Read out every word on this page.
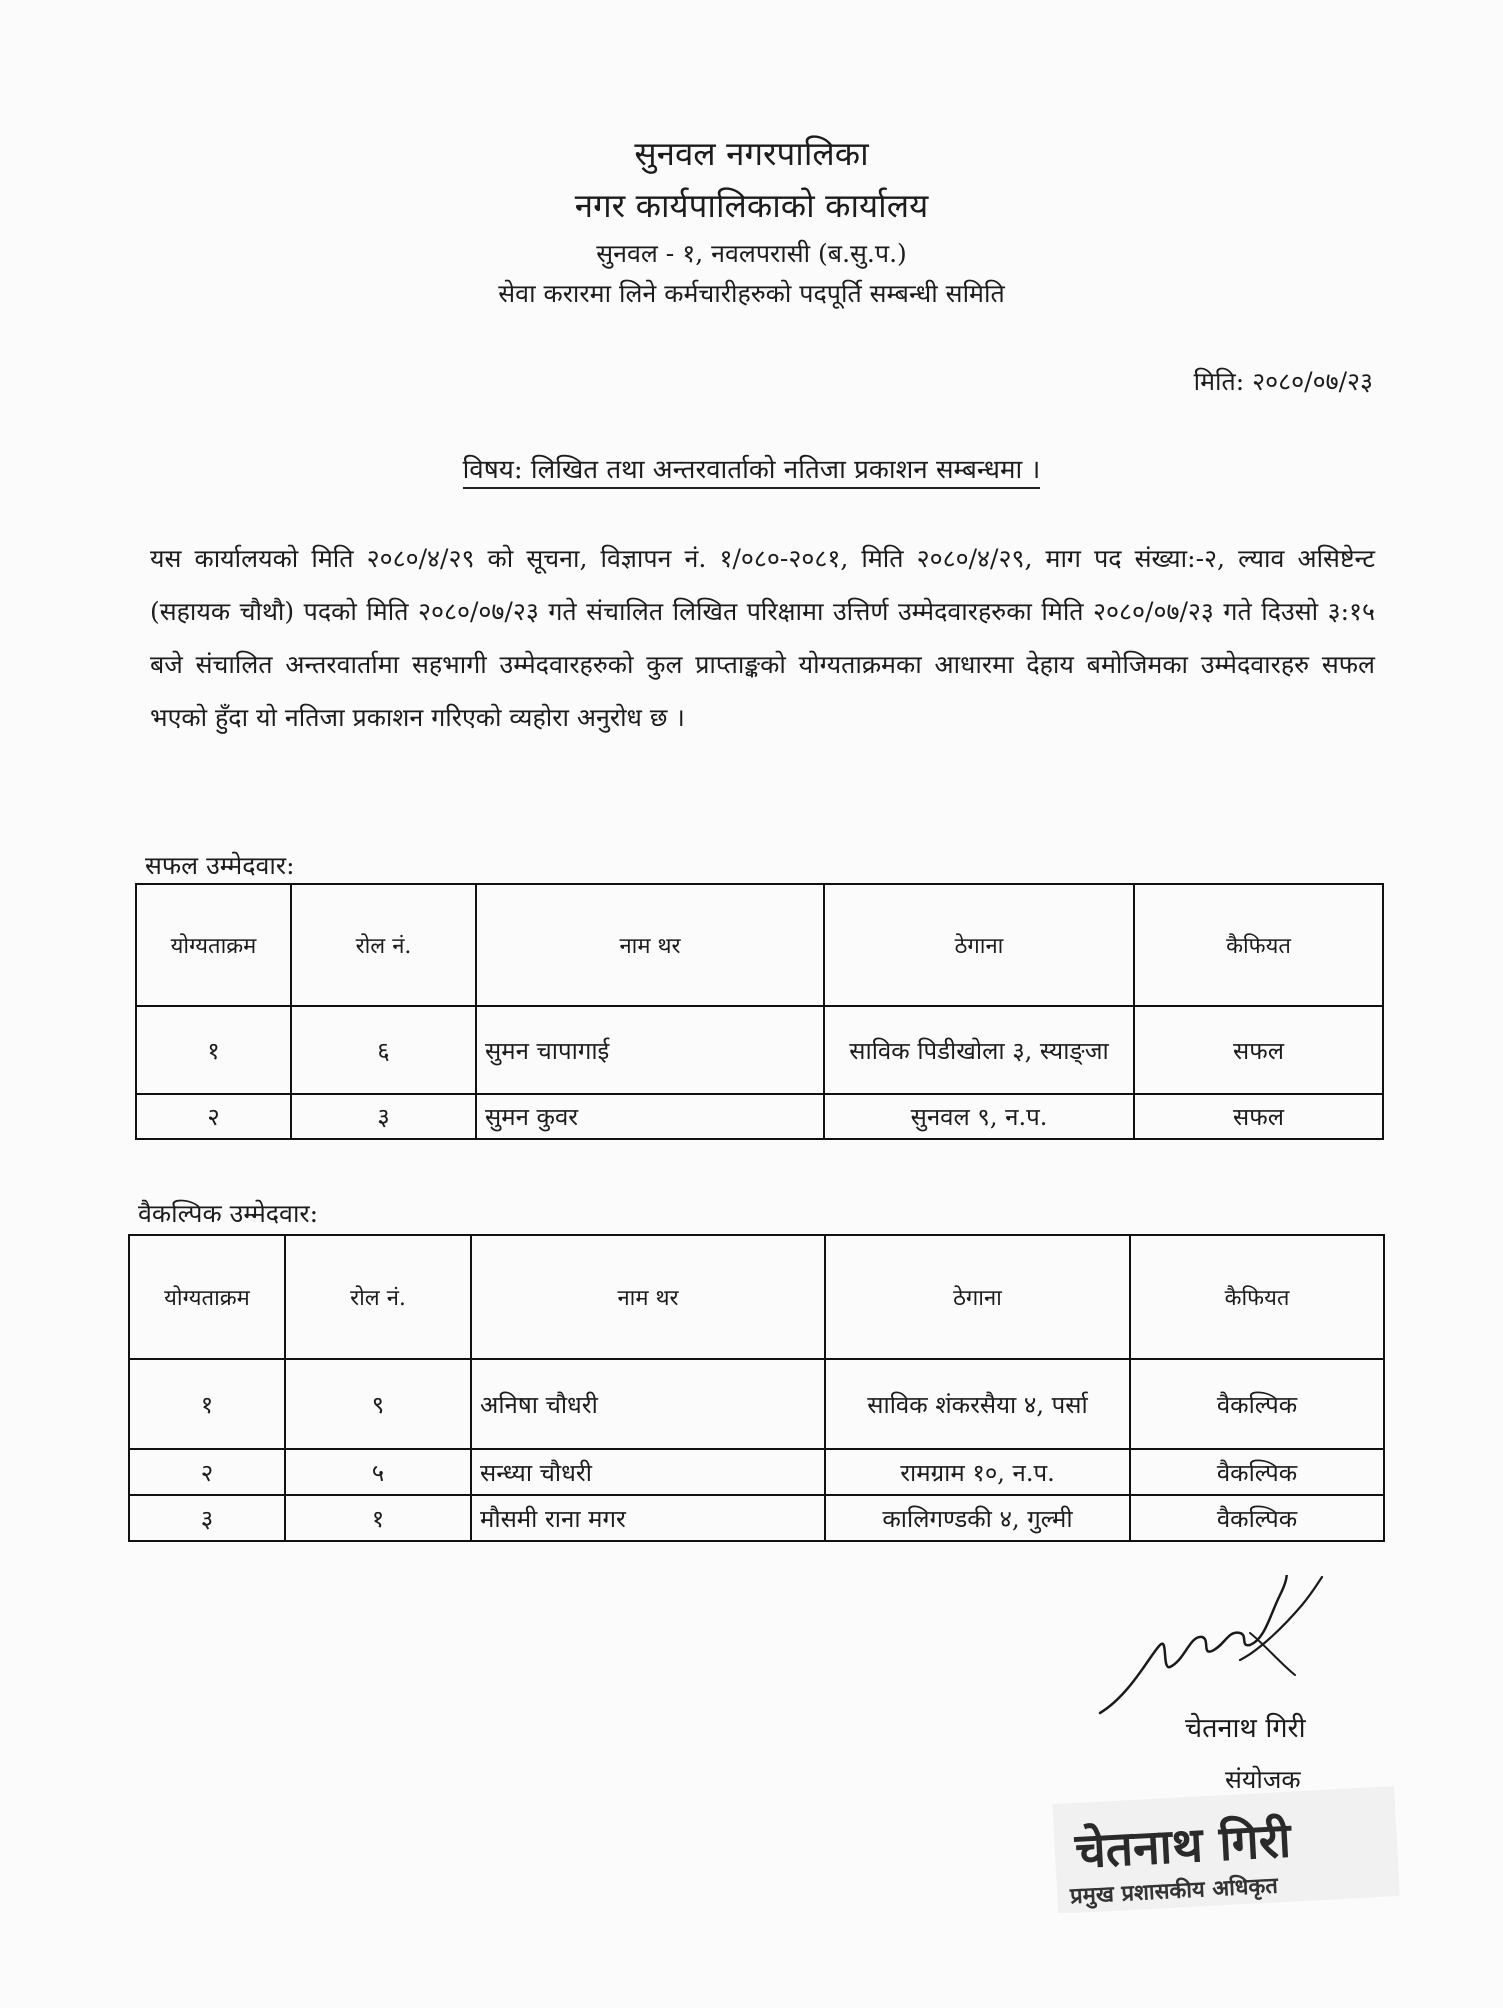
सुनवल नगरपालिका
नगर कार्यपालिकाको कार्यालय
सुनवल - १, नवलपरासी (ब.सु.प.)
सेवा करारमा लिने कर्मचारीहरुको पदपूर्ति सम्बन्धी समिति
मिति: २०८०/०७/२३
विषय: लिखित तथा अन्तरवार्ताको नतिजा प्रकाशन सम्बन्धमा ।
यस कार्यालयको मिति २०८०/४/२९ को सूचना, विज्ञापन नं. १/०८०-२०८१, मिति २०८०/४/२९, माग पद संख्या:-२, ल्याव असिष्टेन्ट (सहायक चौथौ) पदको मिति २०८०/०७/२३ गते संचालित लिखित परिक्षामा उत्तिर्ण उम्मेदवारहरुका मिति २०८०/०७/२३ गते दिउसो ३:१५ बजे संचालित अन्तरवार्तामा सहभागी उम्मेदवारहरुको कुल प्राप्ताङ्कको योग्यताक्रमका आधारमा देहाय बमोजिमका उम्मेदवारहरु सफल भएको हुँदा यो नतिजा प्रकाशन गरिएको व्यहोरा अनुरोध छ ।
सफल उम्मेदवार:
योग्यताक्रम	रोल नं.	नाम थर	ठेगाना	कैफियत
१	६	सुमन चापागाई	साविक पिडीखोला ३, स्याङ्जा	सफल
२	३	सुमन कुवर	सुनवल ९, न.प.	सफल
वैकल्पिक उम्मेदवार:
योग्यताक्रम	रोल नं.	नाम थर	ठेगाना	कैफियत
१	९	अनिषा चौधरी	साविक शंकरसैया ४, पर्सा	वैकल्पिक
२	५	सन्ध्या चौधरी	रामग्राम १०, न.प.	वैकल्पिक
३	१	मौसमी राना मगर	कालिगण्डकी ४, गुल्मी	वैकल्पिक
चेतनाथ गिरी
संयोजक
चेतनाथ गिरी
प्रमुख प्रशासकीय अधिकृत
